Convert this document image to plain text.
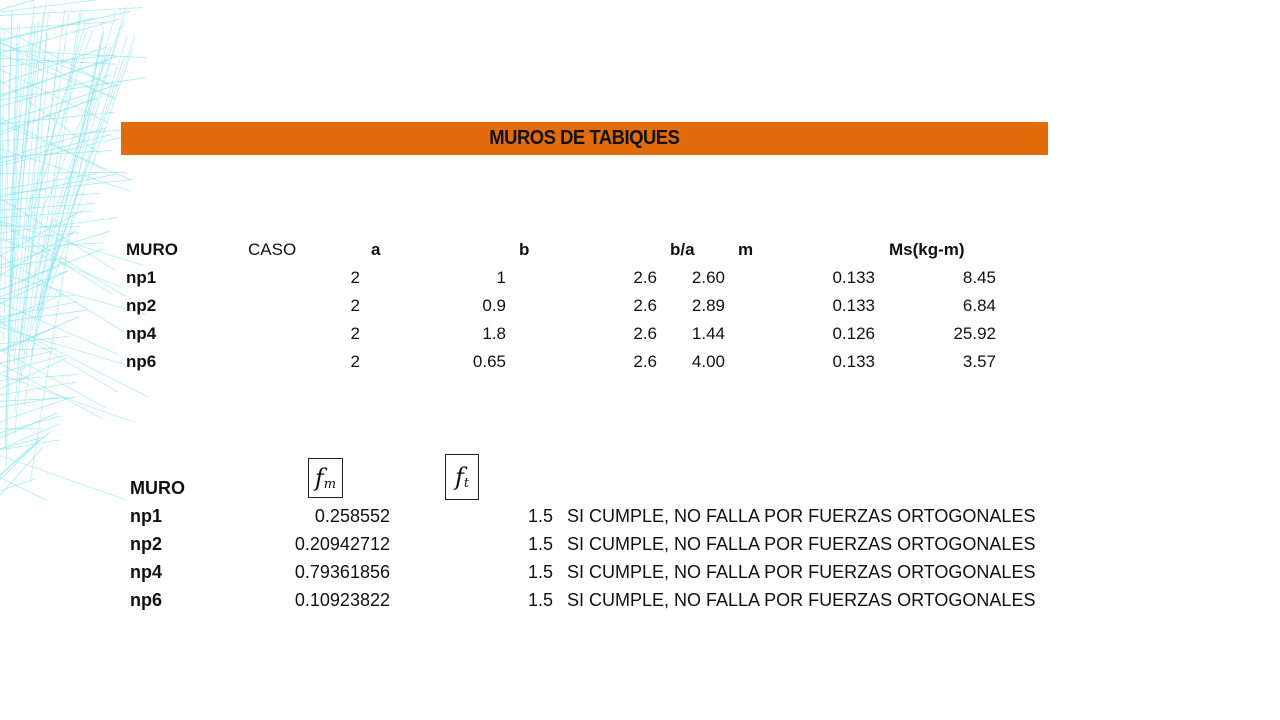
MUROS DE TABIQUES
MURO	CASO	a	b	b/a	m	Ms(kg-m)
np1	2	1	2.6	2.60	0.133	8.45
np2	2	0.9	2.6	2.89	0.133	6.84
np4	2	1.8	2.6	1.44	0.126	25.92
np6	2	0.65	2.6	4.00	0.133	3.57
MURO	$f_m$	$f_t$
np1	0.258552	1.5 SI CUMPLE, NO FALLA POR FUERZAS ORTOGONALES
np2	0.20942712	1.5 SI CUMPLE, NO FALLA POR FUERZAS ORTOGONALES
np4	0.79361856	1.5 SI CUMPLE, NO FALLA POR FUERZAS ORTOGONALES
np6	0.10923822	1.5 SI CUMPLE, NO FALLA POR FUERZAS ORTOGONALES
